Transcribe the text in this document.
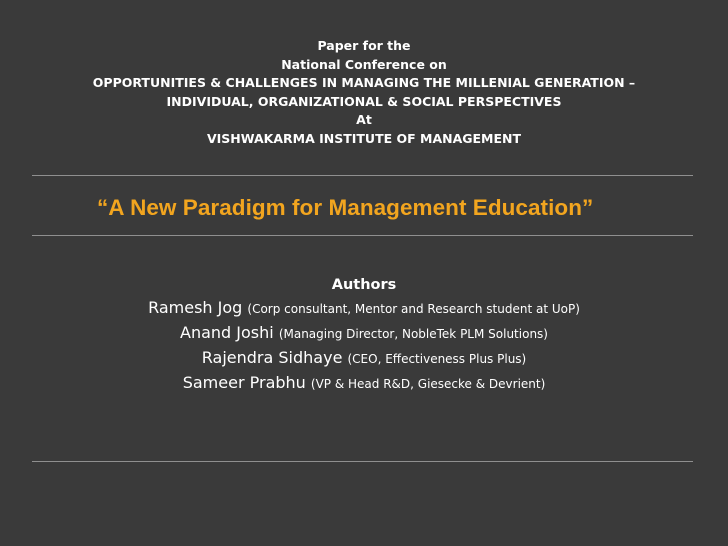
Paper for the
National Conference on
OPPORTUNITIES & CHALLENGES IN MANAGING THE MILLENIAL GENERATION –
INDIVIDUAL, ORGANIZATIONAL & SOCIAL PERSPECTIVES
At
VISHWAKARMA INSTITUTE OF MANAGEMENT
“A New Paradigm for Management Education”
Authors
Ramesh Jog (Corp consultant, Mentor and Research student at UoP)
Anand Joshi (Managing Director, NobleTek PLM Solutions)
Rajendra Sidhaye (CEO, Effectiveness Plus Plus)
Sameer Prabhu (VP & Head R&D, Giesecke & Devrient)
